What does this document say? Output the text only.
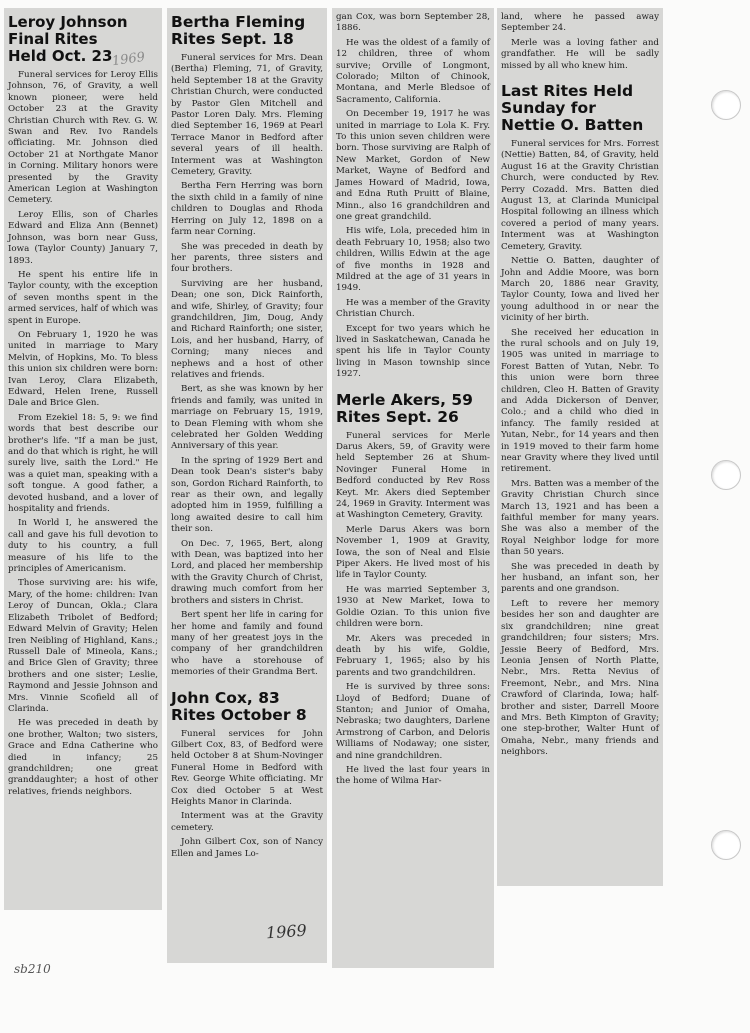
Leroy Johnson
Final Rites
Held Oct. 23

Funeral services for Leroy Ellis Johnson, 76, of Gravity, a well known pioneer, were held October 23 at the Gravity Christian Church with Rev. G. W. Swan and Rev. Ivo Randels officiating. Mr. Johnson died October 21 at Northgate Manor in Corning. Military honors were presented by the Gravity American Legion at Washington Cemetery.

Leroy Ellis, son of Charles Edward and Eliza Ann (Bennet) Johnson, was born near Guss, Iowa (Taylor County) January 7, 1893.

He spent his entire life in Taylor county, with the exception of seven months spent in the armed services, half of which was spent in Europe.

On February 1, 1920 he was united in marriage to Mary Melvin, of Hopkins, Mo. To bless this union six children were born: Ivan Leroy, Clara Elizabeth, Edward, Helen Irene, Russell Dale and Brice Glen.

From Ezekiel 18: 5, 9: we find words that best describe our brother's life. "If a man be just, and do that which is right, he will surely live, saith the Lord." He was a quiet man, speaking with a soft tongue. A good father, a devoted husband, and a lover of hospitality and friends.

In World I, he answered the call and gave his full devotion to duty to his country, a full measure of his life to the principles of Americanism.

Those surviving are: his wife, Mary, of the home: children: Ivan Leroy of Duncan, Okla.; Clara Elizabeth Tribolet of Bedford; Edward Melvin of Gravity; Helen Iren Neibling of Highland, Kans.; Russell Dale of Mineola, Kans.; and Brice Glen of Gravity; three brothers and one sister; Leslie, Raymond and Jessie Johnson and Mrs. Vinnie Scofield all of Clarinda.

He was preceded in death by one brother, Walton; two sisters, Grace and Edna Catherine who died in infancy; 25 grandchildren; one great granddaughter; a host of other relatives, friends neighbors.

Bertha Fleming
Rites Sept. 18

Funeral services for Mrs. Dean (Bertha) Fleming, 71, of Gravity, held September 18 at the Gravity Christian Church, were conducted by Pastor Glen Mitchell and Pastor Loren Daly. Mrs. Fleming died September 16, 1969 at Pearl Terrace Manor in Bedford after several years of ill health. Interment was at Washington Cemetery, Gravity.

Bertha Fern Herring was born the sixth child in a family of nine children to Douglas and Rhoda Herring on July 12, 1898 on a farm near Corning.

She was preceded in death by her parents, three sisters and four brothers.

Surviving are her husband, Dean; one son, Dick Rainforth, and wife, Shirley, of Gravity; four grandchildren, Jim, Doug, Andy and Richard Rainforth; one sister, Lois, and her husband, Harry, of Corning; many nieces and nephews and a host of other relatives and friends.

Bert, as she was known by her friends and family, was united in marriage on February 15, 1919, to Dean Fleming with whom she celebrated her Golden Wedding Anniversary of this year.

In the spring of 1929 Bert and Dean took Dean's sister's baby son, Gordon Richard Rainforth, to rear as their own, and legally adopted him in 1959, fulfilling a long awaited desire to call him their son.

On Dec. 7, 1965, Bert, along with Dean, was baptized into her Lord, and placed her membership with the Gravity Church of Christ, drawing much comfort from her brothers and sisters in Christ.

Bert spent her life in caring for her home and family and found many of her greatest joys in the company of her grandchildren who have a storehouse of memories of their Grandma Bert.

John Cox, 83
Rites October 8

Funeral services for John Gilbert Cox, 83, of Bedford were held October 8 at Shum-Novinger Funeral Home in Bedford with Rev. George White officiating. Mr Cox died October 5 at West Heights Manor in Clarinda.

Interment was at the Gravity cemetery.

John Gilbert Cox, son of Nancy Ellen and James Lo-

gan Cox, was born September 28, 1886.

He was the oldest of a family of 12 children, three of whom survive; Orville of Longmont, Colorado; Milton of Chinook, Montana, and Merle Bledsoe of Sacramento, California.

On December 19, 1917 he was united in marriage to Lola K. Fry. To this union seven children were born. Those surviving are Ralph of New Market, Gordon of New Market, Wayne of Bedford and James Howard of Madrid, Iowa, and Edna Ruth Pruitt of Blaine, Minn., also 16 grandchildren and one great grandchild.

His wife, Lola, preceded him in death February 10, 1958; also two children, Willis Edwin at the age of five months in 1928 and Mildred at the age of 31 years in 1949.

He was a member of the Gravity Christian Church.

Except for two years which he lived in Saskatchewan, Canada he spent his life in Taylor County living in Mason township since 1927.

Merle Akers, 59
Rites Sept. 26

Funeral services for Merle Darus Akers, 59, of Gravity were held September 26 at Shum-Novinger Funeral Home in Bedford conducted by Rev Ross Keyt. Mr. Akers died September 24, 1969 in Gravity. Interment was at Washington Cemetery, Gravity.

Merle Darus Akers was born November 1, 1909 at Gravity, Iowa, the son of Neal and Elsie Piper Akers. He lived most of his life in Taylor County.

He was married September 3, 1930 at New Market, Iowa to Goldie Ozian. To this union five children were born.

Mr. Akers was preceded in death by his wife, Goldie, February 1, 1965; also by his parents and two grandchildren.

He is survived by three sons: Lloyd of Bedford; Duane of Stanton; and Junior of Omaha, Nebraska; two daughters, Darlene Armstrong of Carbon, and Deloris Williams of Nodaway; one sister, and nine grandchildren.

He lived the last four years in the home of Wilma Har-

land, where he passed away September 24.

Merle was a loving father and grandfather. He will be sadly missed by all who knew him.

Last Rites Held
Sunday for
Nettie O. Batten

Funeral services for Mrs. Forrest (Nettie) Batten, 84, of Gravity, held August 16 at the Gravity Christian Church, were conducted by Rev. Perry Cozadd. Mrs. Batten died August 13, at Clarinda Municipal Hospital following an illness which covered a period of many years. Interment was at Washington Cemetery, Gravity.

Nettie O. Batten, daughter of John and Addie Moore, was born March 20, 1886 near Gravity, Taylor County, Iowa and lived her young adulthood in or near the vicinity of her birth.

She received her education in the rural schools and on July 19, 1905 was united in marriage to Forest Batten of Yutan, Nebr. To this union were born three children, Cleo H. Batten of Gravity and Adda Dickerson of Denver, Colo.; and a child who died in infancy. The family resided at Yutan, Nebr., for 14 years and then in 1919 moved to their farm home near Gravity where they lived until retirement.

Mrs. Batten was a member of the Gravity Christian Church since March 13, 1921 and has been a faithful member for many years. She was also a member of the Royal Neighbor lodge for more than 50 years.

She was preceded in death by her husband, an infant son, her parents and one grandson.

Left to revere her memory besides her son and daughter are six grandchildren; nine great grandchildren; four sisters; Mrs. Jessie Beery of Bedford, Mrs. Leonia Jensen of North Platte, Nebr., Mrs. Retta Nevius of Freemont, Nebr., and Mrs. Nina Crawford of Clarinda, Iowa; half-brother and sister, Darrell Moore and Mrs. Beth Kimpton of Gravity; one step-brother, Walter Hunt of Omaha, Nebr., many friends and neighbors.

1969
1969
sb210
